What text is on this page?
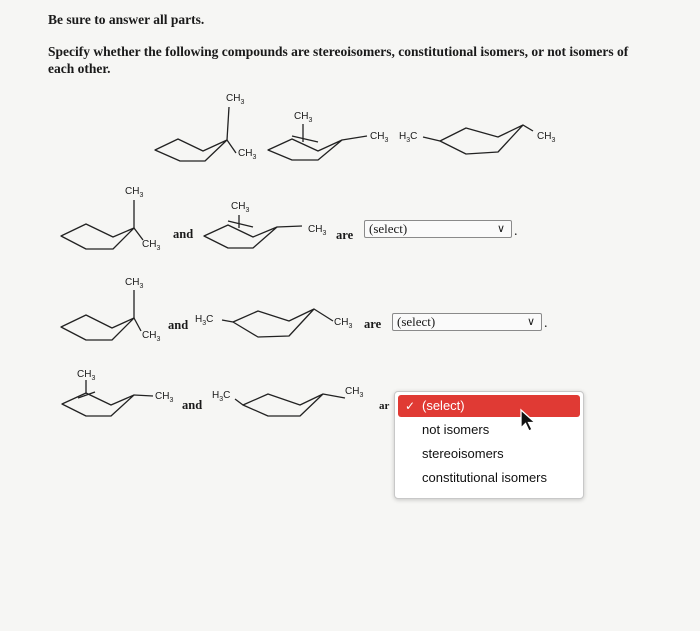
Be sure to answer all parts.
Specify whether the following compounds are stereoisomers, constitutional isomers, or not isomers of
each other.
$CH_3$
$CH_3$
$CH_3$
$CH_3$ $H_3C$	$CH_3$
$CH_3$
$CH_3$
and
$CH_3$
$CH_3$ are (select)	∨ .
$CH_3$
$CH_3$
and $H_3C$	$CH_3$ are (select)	∨ .
$CH_3$
$CH_3$ and
$H_3C$	$CH_3$
ar ✓ (select)
not isomers
stereoisomers
constitutional isomers
